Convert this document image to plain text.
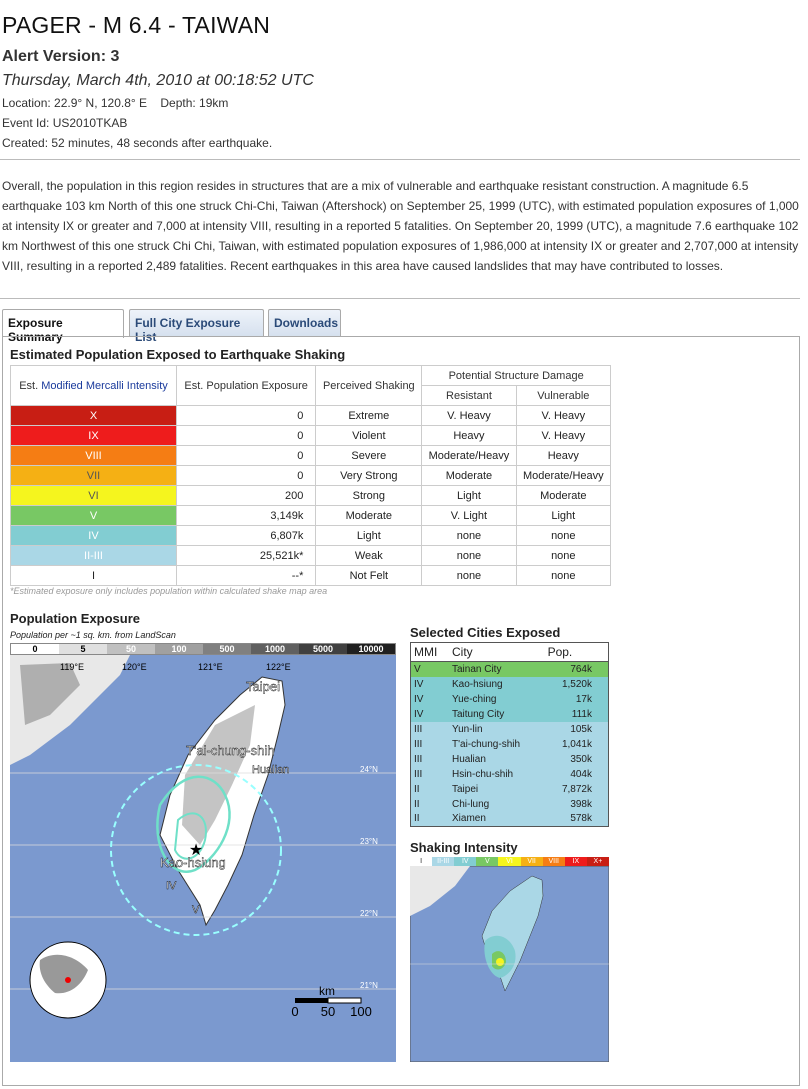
PAGER - M 6.4 - TAIWAN
Alert Version: 3
Thursday, March 4th, 2010 at 00:18:52 UTC
Location: 22.9° N, 120.8° E    Depth: 19km
Event Id: US2010TKAB
Created: 52 minutes, 48 seconds after earthquake.
Overall, the population in this region resides in structures that are a mix of vulnerable and earthquake resistant construction. A magnitude 6.5 earthquake 103 km North of this one struck Chi-Chi, Taiwan (Aftershock) on September 25, 1999 (UTC), with estimated population exposures of 1,000 at intensity IX or greater and 7,000 at intensity VIII, resulting in a reported 5 fatalities. On September 20, 1999 (UTC), a magnitude 7.6 earthquake 102 km Northwest of this one struck Chi Chi, Taiwan, with estimated population exposures of 1,986,000 at intensity IX or greater and 2,707,000 at intensity VIII, resulting in a reported 2,489 fatalities. Recent earthquakes in this area have caused landslides that may have contributed to losses.
Exposure Summary
Full City Exposure List
Downloads
Estimated Population Exposed to Earthquake Shaking
Est. Modified Mercalli Intensity	Est. Population Exposure	Perceived Shaking	Potential Structure Damage	
			Resistant	Vulnerable
X	0	Extreme	V. Heavy	V. Heavy
IX	0	Violent	Heavy	V. Heavy
VIII	0	Severe	Moderate/Heavy	Heavy
VII	0	Very Strong	Moderate	Moderate/Heavy
VI	200	Strong	Light	Moderate
V	3,149k	Moderate	V. Light	Light
IV	6,807k	Light	none	none
II-III	25,521k*	Weak	none	none
I	--*	Not Felt	none	none
*Estimated exposure only includes population within calculated shake map area
Population Exposure
Population per ~1 sq. km. from LandScan
0	5	50	100	500	1000	5000	10000
★
119°E	120°E	121°E	122°E
24°N
23°N
22°N
21°N
Taipei
T'ai-chung-shih
Hualian
Kao-hsiung
IV
V
km
0 50 100
Selected Cities Exposed
MMI	City	Pop.
V	Tainan City	764k
IV	Kao-hsiung	1,520k
IV	Yue-ching	17k
IV	Taitung City	111k
III	Yun-lin	105k
III	T'ai-chung-shih	1,041k
III	Hualian	350k
III	Hsin-chu-shih	404k
II	Taipei	7,872k
II	Chi-lung	398k
II	Xiamen	578k
Shaking Intensity
I	II-III	IV	V	VI	VII	VIII	IX	X+
